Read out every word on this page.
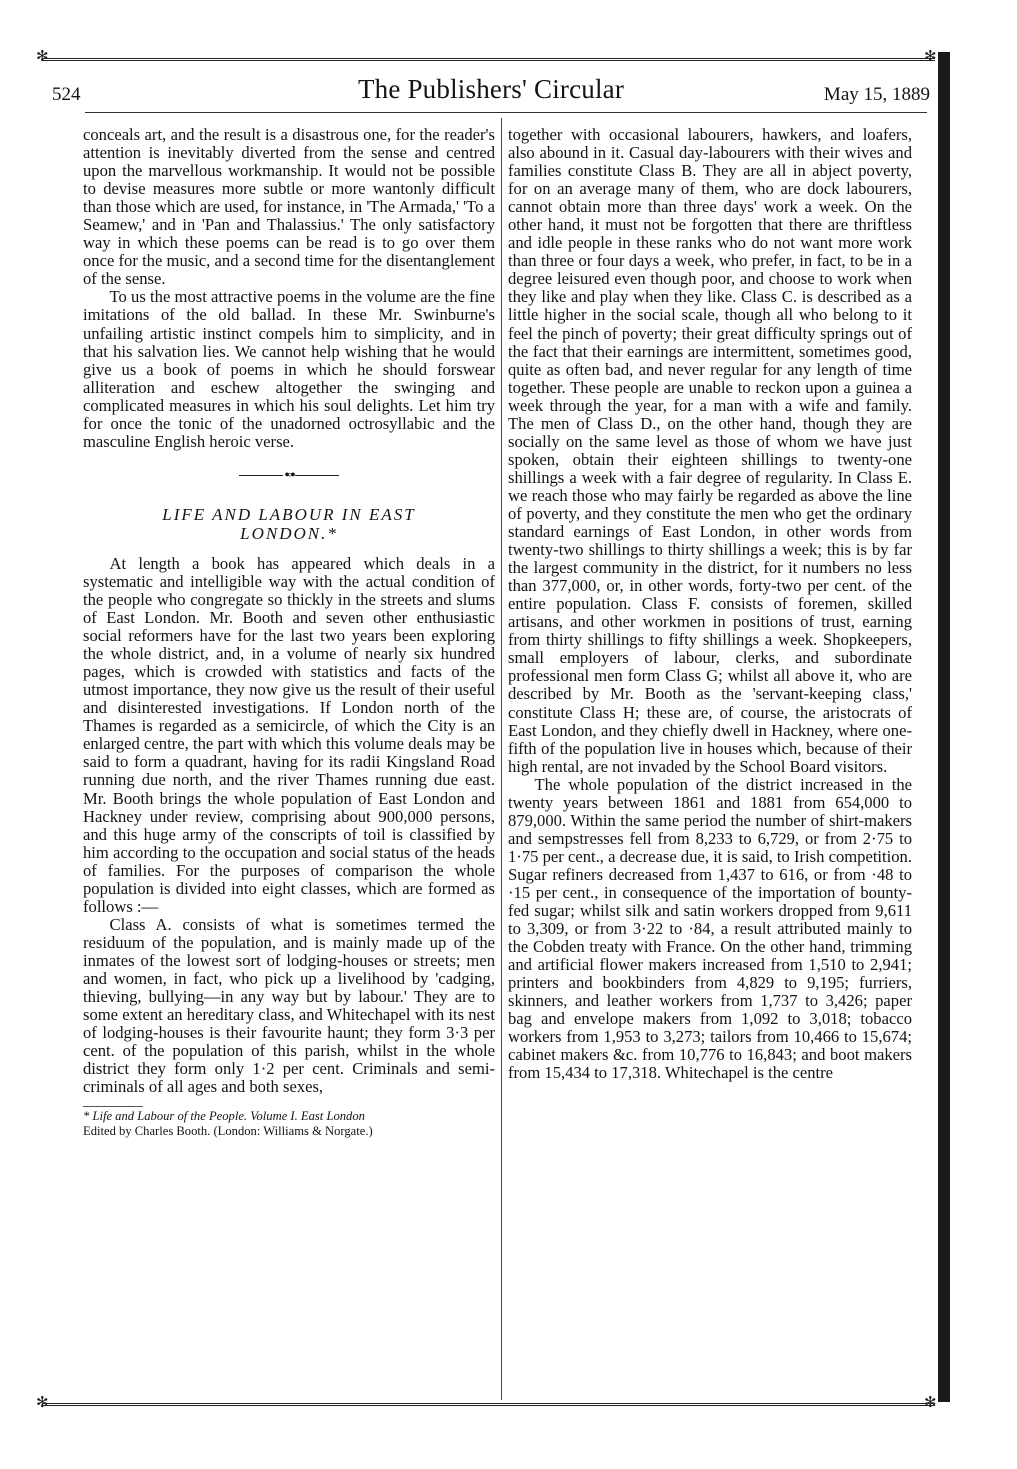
✻	✻
524	The Publishers' Circular	May 15, 1889

conceals art, and the result is a disastrous one, for the reader's attention is inevitably diverted from the sense and centred upon the marvellous workmanship. It would not be possible to devise measures more subtle or more wantonly difficult than those which are used, for instance, in 'The Armada,' 'To a Seamew,' and in 'Pan and Thalassius.' The only satisfactory way in which these poems can be read is to go over them once for the music, and a second time for the disentanglement of the sense.

To us the most attractive poems in the volume are the fine imitations of the old ballad. In these Mr. Swinburne's unfailing artistic instinct compels him to simplicity, and in that his salvation lies. We cannot help wishing that he would give us a book of poems in which he should forswear alliteration and eschew altogether the swinging and complicated measures in which his soul delights. Let him try for once the tonic of the unadorned octrosyllabic and the masculine English heroic verse.

•◦•
LIFE AND LABOUR IN EAST
LONDON.*

At length a book has appeared which deals in a systematic and intelligible way with the actual condition of the people who congregate so thickly in the streets and slums of East London. Mr. Booth and seven other enthusiastic social reformers have for the last two years been exploring the whole district, and, in a volume of nearly six hundred pages, which is crowded with statistics and facts of the utmost importance, they now give us the result of their useful and disinterested investigations. If London north of the Thames is regarded as a semicircle, of which the City is an enlarged centre, the part with which this volume deals may be said to form a quadrant, having for its radii Kingsland Road running due north, and the river Thames running due east. Mr. Booth brings the whole population of East London and Hackney under review, comprising about 900,000 persons, and this huge army of the conscripts of toil is classified by him according to the occupation and social status of the heads of families. For the purposes of comparison the whole population is divided into eight classes, which are formed as follows :—

Class A. consists of what is sometimes termed the residuum of the population, and is mainly made up of the inmates of the lowest sort of lodging-houses or streets; men and women, in fact, who pick up a livelihood by 'cadging, thieving, bullying—in any way but by labour.' They are to some extent an hereditary class, and Whitechapel with its nest of lodging-houses is their favourite haunt; they form 3·3 per cent. of the population of this parish, whilst in the whole district they form only 1·2 per cent. Criminals and semi-criminals of all ages and both sexes,

* Life and Labour of the People. Volume I. East London
Edited by Charles Booth. (London: Williams & Norgate.)

together with occasional labourers, hawkers, and loafers, also abound in it. Casual day-labourers with their wives and families constitute Class B. They are all in abject poverty, for on an average many of them, who are dock labourers, cannot obtain more than three days' work a week. On the other hand, it must not be forgotten that there are thriftless and idle people in these ranks who do not want more work than three or four days a week, who prefer, in fact, to be in a degree leisured even though poor, and choose to work when they like and play when they like. Class C. is described as a little higher in the social scale, though all who belong to it feel the pinch of poverty; their great difficulty springs out of the fact that their earnings are intermittent, sometimes good, quite as often bad, and never regular for any length of time together. These people are unable to reckon upon a guinea a week through the year, for a man with a wife and family. The men of Class D., on the other hand, though they are socially on the same level as those of whom we have just spoken, obtain their eighteen shillings to twenty-one shillings a week with a fair degree of regularity. In Class E. we reach those who may fairly be regarded as above the line of poverty, and they constitute the men who get the ordinary standard earnings of East London, in other words from twenty-two shillings to thirty shillings a week; this is by far the largest community in the district, for it numbers no less than 377,000, or, in other words, forty-two per cent. of the entire population. Class F. consists of foremen, skilled artisans, and other workmen in positions of trust, earning from thirty shillings to fifty shillings a week. Shopkeepers, small employers of labour, clerks, and subordinate professional men form Class G; whilst all above it, who are described by Mr. Booth as the 'servant-keeping class,' constitute Class H; these are, of course, the aristocrats of East London, and they chiefly dwell in Hackney, where one-fifth of the population live in houses which, because of their high rental, are not invaded by the School Board visitors.

The whole population of the district increased in the twenty years between 1861 and 1881 from 654,000 to 879,000. Within the same period the number of shirt-makers and sempstresses fell from 8,233 to 6,729, or from 2·75 to 1·75 per cent., a decrease due, it is said, to Irish competition. Sugar refiners decreased from 1,437 to 616, or from ·48 to ·15 per cent., in consequence of the importation of bounty-fed sugar; whilst silk and satin workers dropped from 9,611 to 3,309, or from 3·22 to ·84, a result attributed mainly to the Cobden treaty with France. On the other hand, trimming and artificial flower makers increased from 1,510 to 2,941; printers and bookbinders from 4,829 to 9,195; furriers, skinners, and leather workers from 1,737 to 3,426; paper bag and envelope makers from 1,092 to 3,018; tobacco workers from 1,953 to 3,273; tailors from 10,466 to 15,674; cabinet makers &c. from 10,776 to 16,843; and boot makers from 15,434 to 17,318. Whitechapel is the centre

✻	✻
